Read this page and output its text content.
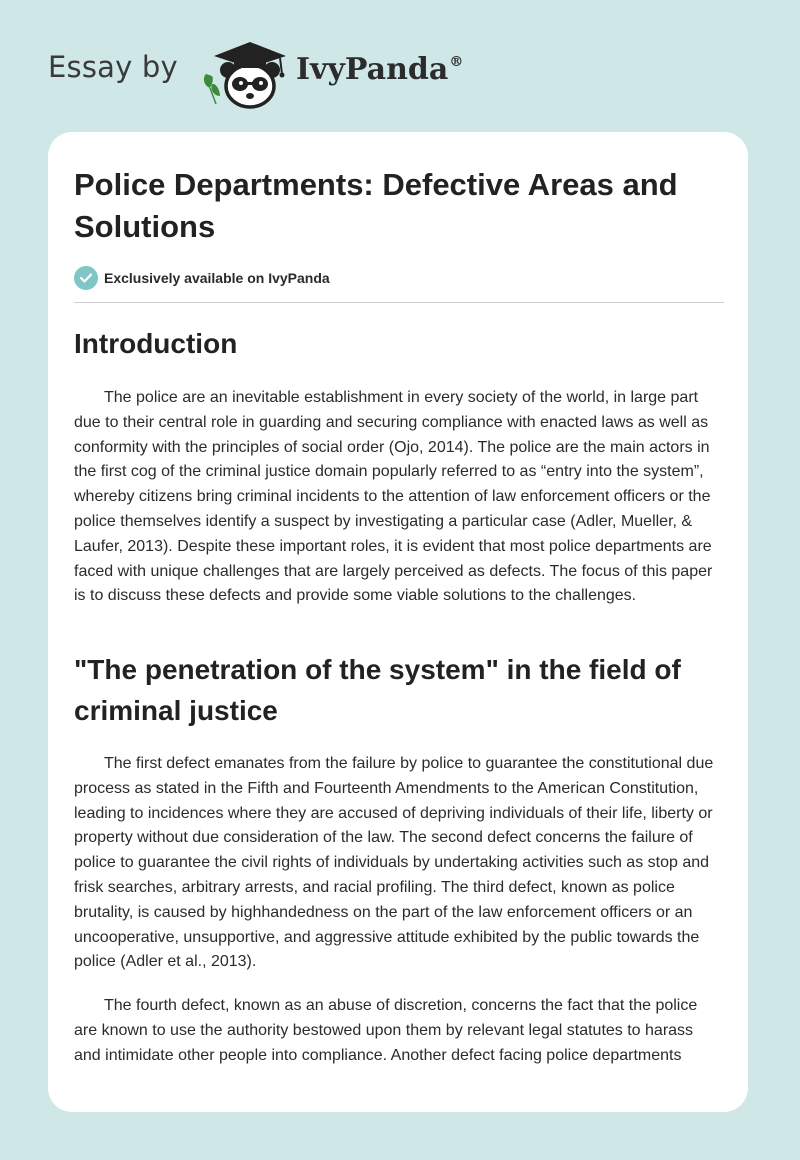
Essay by	IvyPanda®
Police Departments: Defective Areas and Solutions
Exclusively available on IvyPanda
Introduction

The police are an inevitable establishment in every society of the world, in large part due to their central role in guarding and securing compliance with enacted laws as well as conformity with the principles of social order (Ojo, 2014). The police are the main actors in the first cog of the criminal justice domain popularly referred to as “entry into the system”, whereby citizens bring criminal incidents to the attention of law enforcement officers or the police themselves identify a suspect by investigating a particular case (Adler, Mueller, & Laufer, 2013). Despite these important roles, it is evident that most police departments are faced with unique challenges that are largely perceived as defects. The focus of this paper is to discuss these defects and provide some viable solutions to the challenges.

"The penetration of the system" in the field of criminal justice

The first defect emanates from the failure by police to guarantee the constitutional due process as stated in the Fifth and Fourteenth Amendments to the American Constitution, leading to incidences where they are accused of depriving individuals of their life, liberty or property without due consideration of the law. The second defect concerns the failure of police to guarantee the civil rights of individuals by undertaking activities such as stop and frisk searches, arbitrary arrests, and racial profiling. The third defect, known as police brutality, is caused by highhandedness on the part of the law enforcement officers or an uncooperative, unsupportive, and aggressive attitude exhibited by the public towards the police (Adler et al., 2013).

The fourth defect, known as an abuse of discretion, concerns the fact that the police are known to use the authority bestowed upon them by relevant legal statutes to harass and intimidate other people into compliance. Another defect facing police departments
